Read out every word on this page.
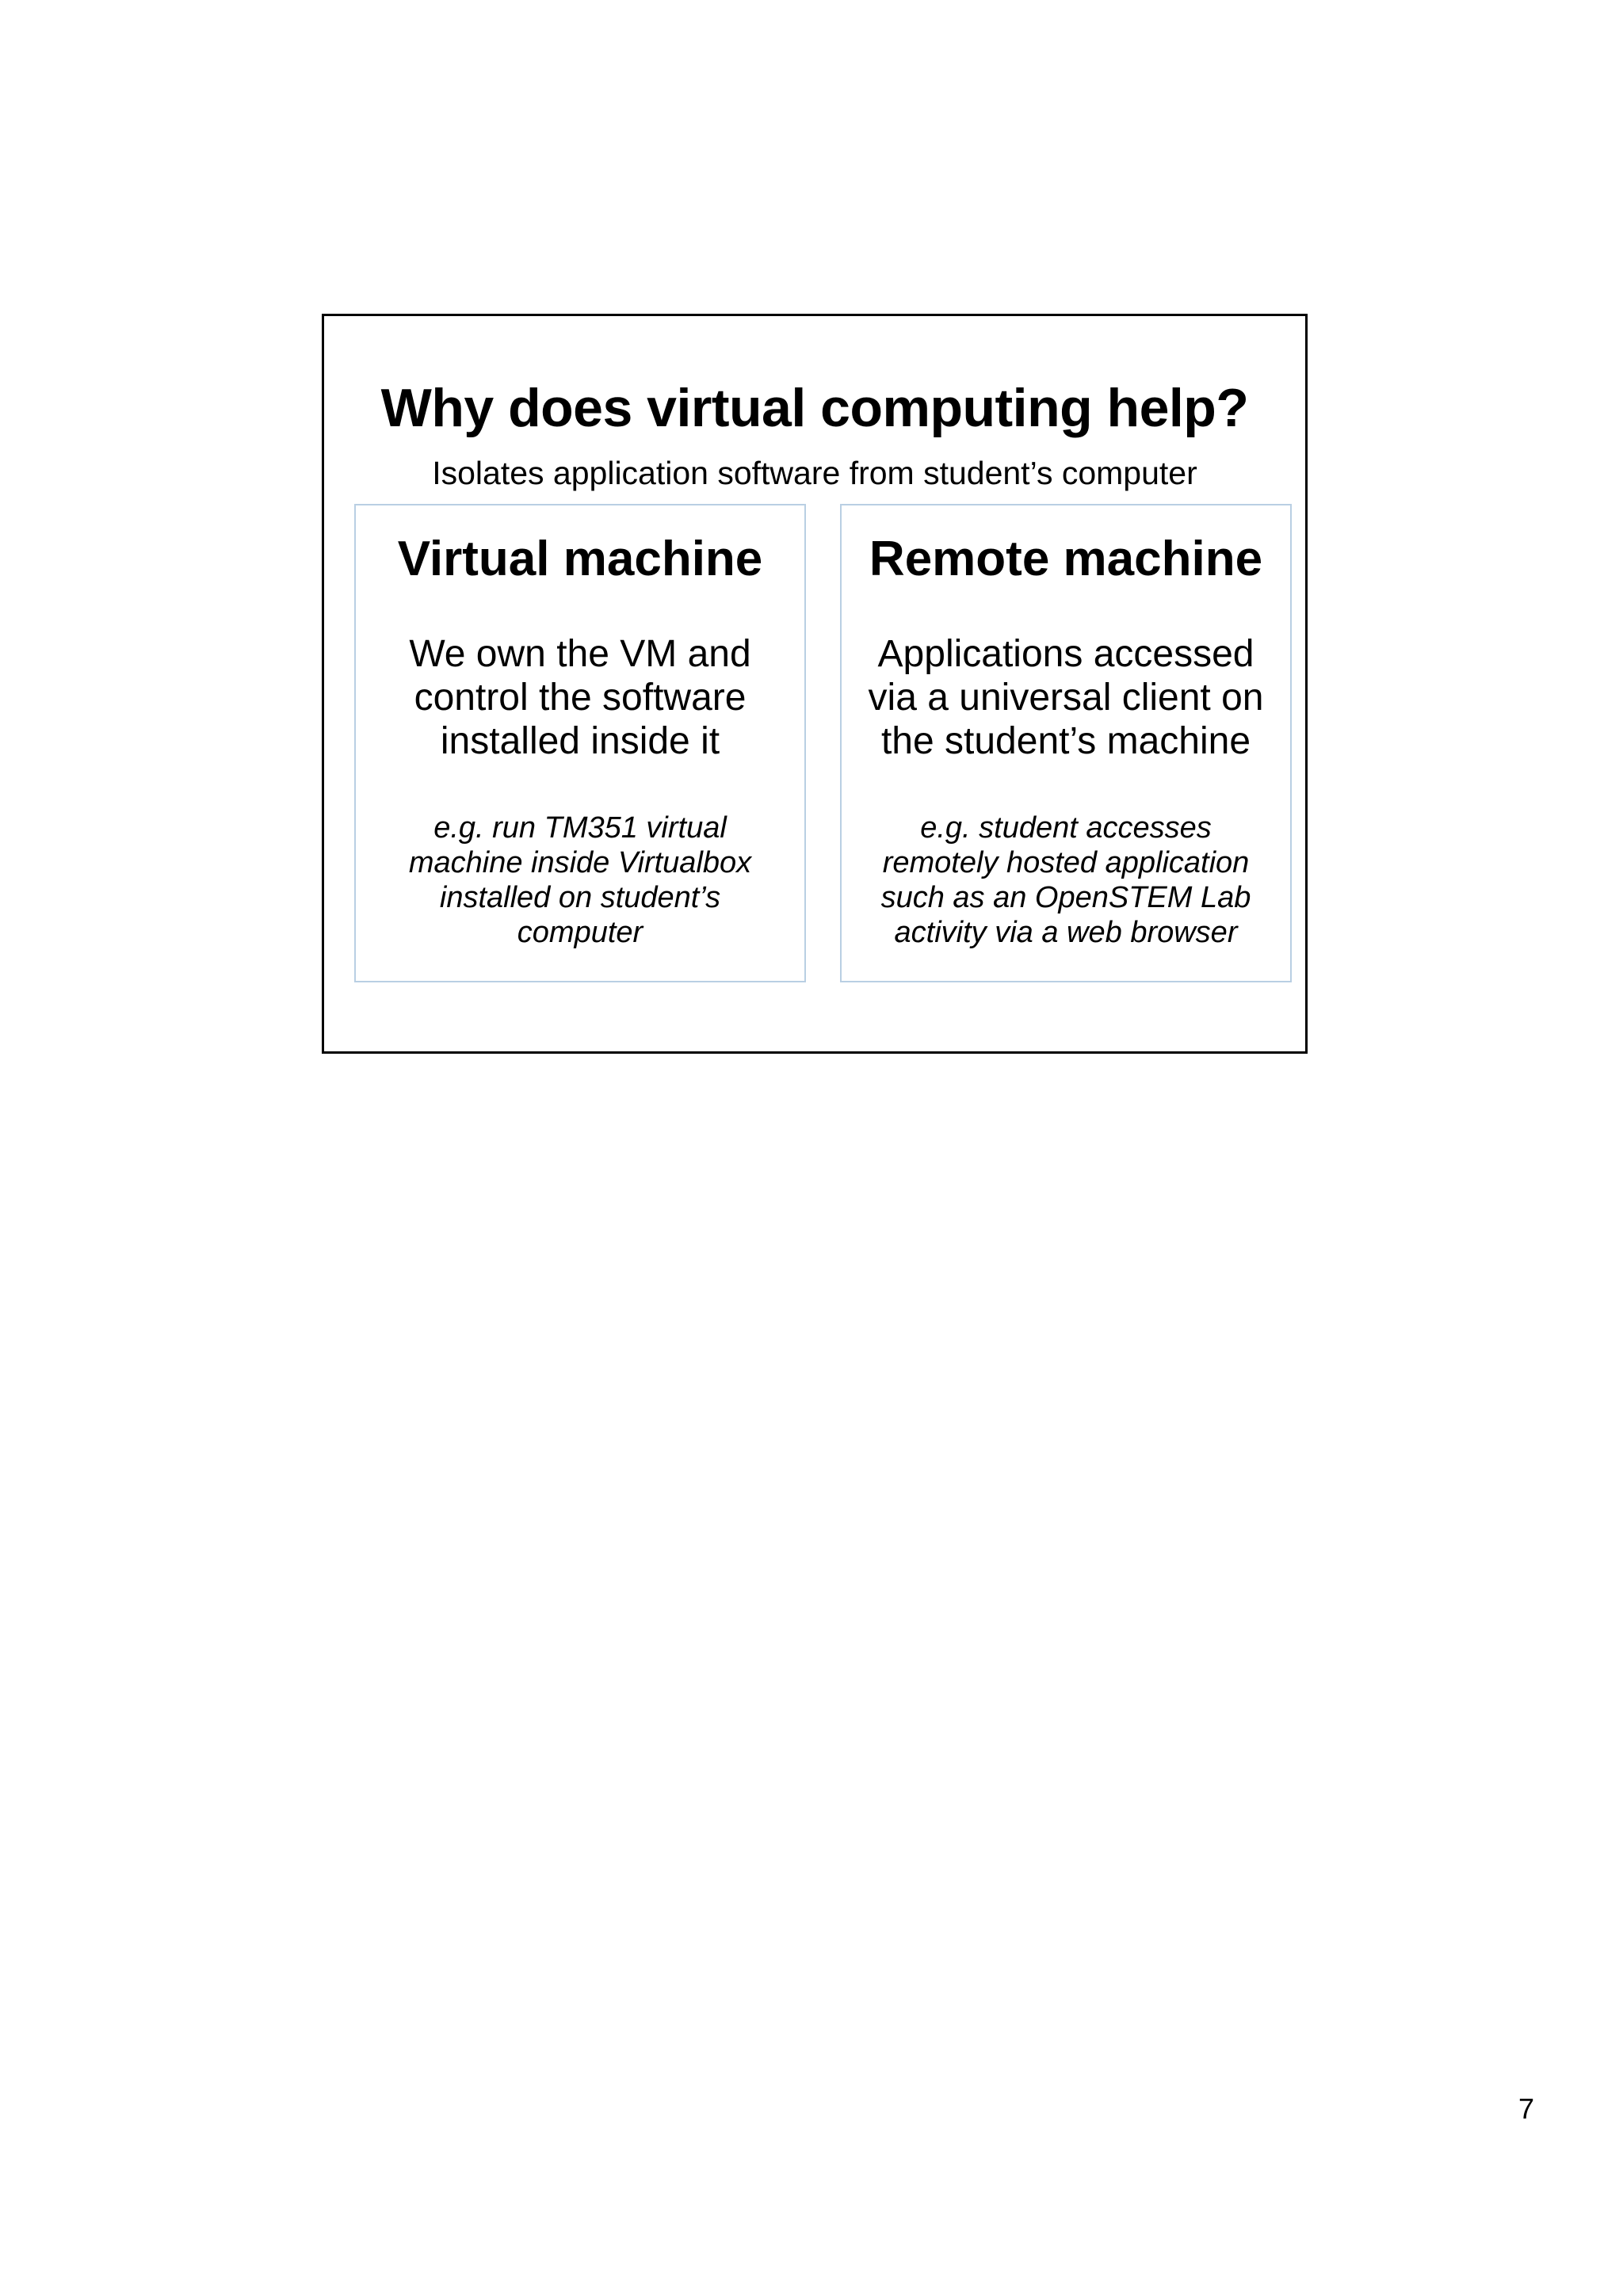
Why does virtual computing help?
Isolates application software from student’s computer
Virtual machine
We own the VM and
control the software
installed inside it
e.g. run TM351 virtual
machine inside Virtualbox
installed on student’s
computer
Remote machine
Applications accessed
via a universal client on
the student’s machine
e.g. student accesses
remotely hosted application
such as an OpenSTEM Lab
activity via a web browser
7
